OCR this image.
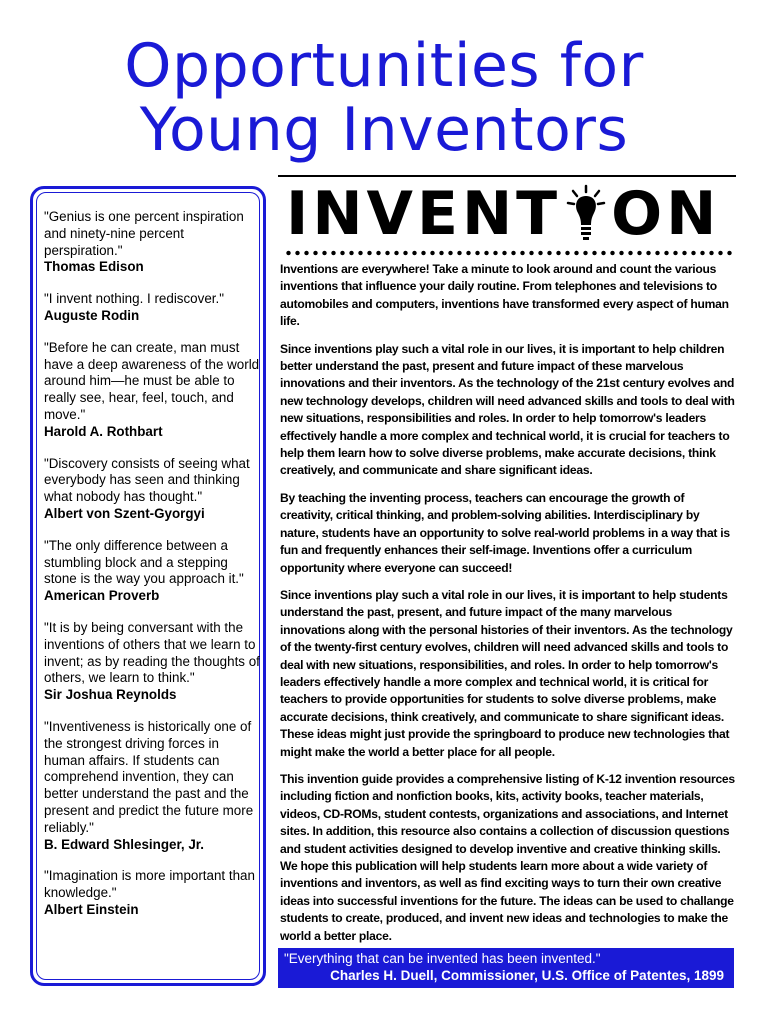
Opportunities for
Young Inventors
"Genius is one percent inspiration and ninety-nine percent perspiration."
Thomas Edison
"I invent nothing. I rediscover."
Auguste Rodin
"Before he can create, man must have a deep awareness of the world around him—he must be able to really see, hear, feel, touch, and move."
Harold A. Rothbart
"Discovery consists of seeing what everybody has seen and thinking what nobody has thought."
Albert von Szent-Gyorgyi
"The only difference between a stumbling block and a stepping stone is the way you approach it."
American Proverb
"It is by being conversant with the inventions of others that we learn to invent; as by reading the thoughts of others, we learn to think."
Sir Joshua Reynolds
"Inventiveness is historically one of the strongest driving forces in human affairs. If students can comprehend invention, they can better understand the past and the present and predict the future more reliably."
B. Edward Shlesinger, Jr.
"Imagination is more important than knowledge."
Albert Einstein
INVENT ON

Inventions are everywhere! Take a minute to look around and count the various inventions that influence your daily routine. From telephones and televisions to automobiles and computers, inventions have transformed every aspect of human life.

Since inventions play such a vital role in our lives, it is important to help children better understand the past, present and future impact of these marvelous innovations and their inventors. As the technology of the 21st century evolves and new technology develops, children will need advanced skills and tools to deal with new situations, responsibilities and roles. In order to help tomorrow's leaders effectively handle a more complex and technical world, it is crucial for teachers to help them learn how to solve diverse problems, make accurate decisions, think creatively, and communicate and share significant ideas.

By teaching the inventing process, teachers can encourage the growth of creativity, critical thinking, and problem-solving abilities. Interdisciplinary by nature, students have an opportunity to solve real-world problems in a way that is fun and frequently enhances their self-image. Inventions offer a curriculum opportunity where everyone can succeed!

Since inventions play such a vital role in our lives, it is important to help students understand the past, present, and future impact of the many marvelous innovations along with the personal histories of their inventors. As the technology of the twenty-first century evolves, children will need advanced skills and tools to deal with new situations, responsibilities, and roles. In order to help tomorrow's leaders effectively handle a more complex and technical world, it is critical for teachers to provide opportunities for students to solve diverse problems, make accurate decisions, think creatively, and communicate to share significant ideas. These ideas might just provide the springboard to produce new technologies that might make the world a better place for all people.

This invention guide provides a comprehensive listing of K-12 invention resources including fiction and nonfiction books, kits, activity books, teacher materials, videos, CD-ROMs, student contests, organizations and associations, and Internet sites. In addition, this resource also contains a collection of discussion questions and student activities designed to develop inventive and creative thinking skills. We hope this publication will help students learn more about a wide variety of inventions and inventors, as well as find exciting ways to turn their own creative ideas into successful inventions for the future. The ideas can be used to challange students to create, produced, and invent new ideas and technologies to make the world a better place.

"Everything that can be invented has been invented."
Charles H. Duell, Commissioner, U.S. Office of Patentes, 1899
